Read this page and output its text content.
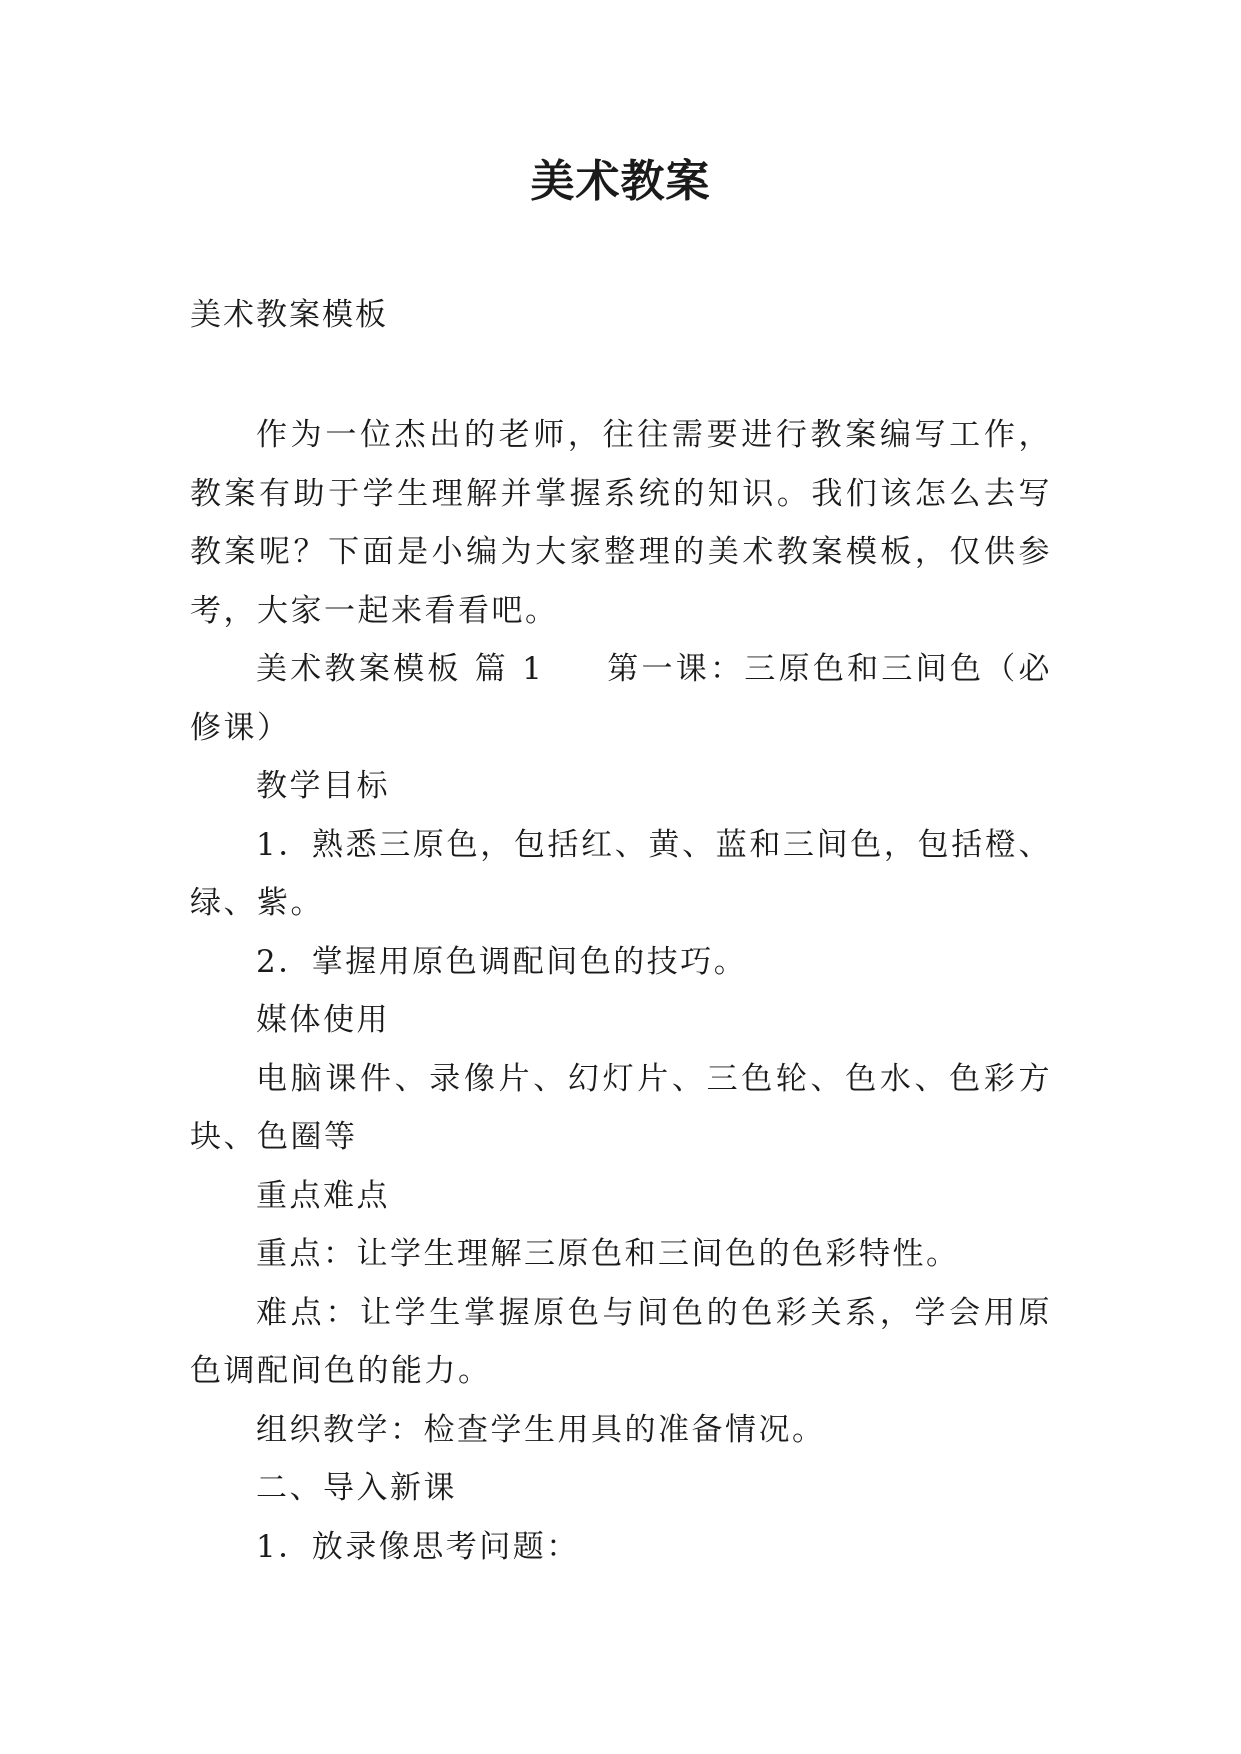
美术教案

美术教案模板

作为一位杰出的老师，往往需要进行教案编写工作，教案有助于学生理解并掌握系统的知识。我们该怎么去写教案呢？下面是小编为大家整理的美术教案模板，仅供参考，大家一起来看看吧。

美术教案模板 篇 1 第一课：三原色和三间色（必修课）

教学目标

1．熟悉三原色，包括红、黄、蓝和三间色，包括橙、绿、紫。

2．掌握用原色调配间色的技巧。

媒体使用

电脑课件、录像片、幻灯片、三色轮、色水、色彩方块、色圈等

重点难点

重点：让学生理解三原色和三间色的色彩特性。

难点：让学生掌握原色与间色的色彩关系，学会用原色调配间色的能力。

组织教学：检查学生用具的准备情况。

二、导入新课

1．放录像思考问题：
